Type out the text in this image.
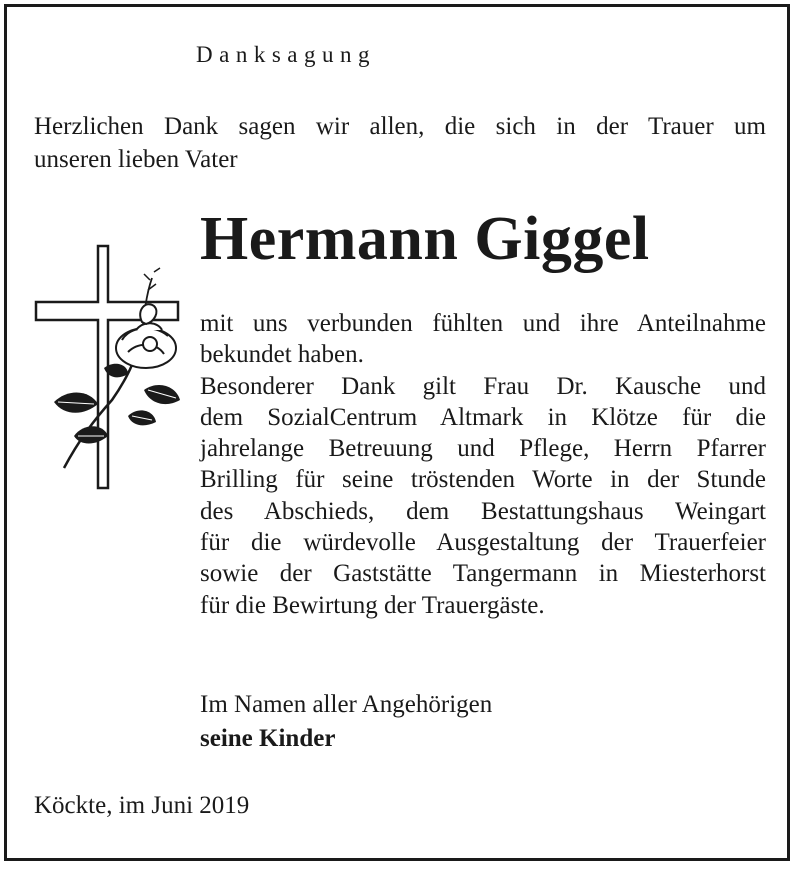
Danksagung
Herzlichen Dank sagen wir allen, die sich in der Trauer um
unseren lieben Vater
Hermann Giggel
mit uns verbunden fühlten und ihre Anteilnahme
bekundet haben.
Besonderer Dank gilt Frau Dr. Kausche und
dem SozialCentrum Altmark in Klötze für die
jahrelange Betreuung und Pflege, Herrn Pfarrer
Brilling für seine tröstenden Worte in der Stunde
des Abschieds, dem Bestattungshaus Weingart
für die würdevolle Ausgestaltung der Trauerfeier
sowie der Gaststätte Tangermann in Miesterhorst
für die Bewirtung der Trauergäste.
Im Namen aller Angehörigen
seine Kinder
Köckte, im Juni 2019
